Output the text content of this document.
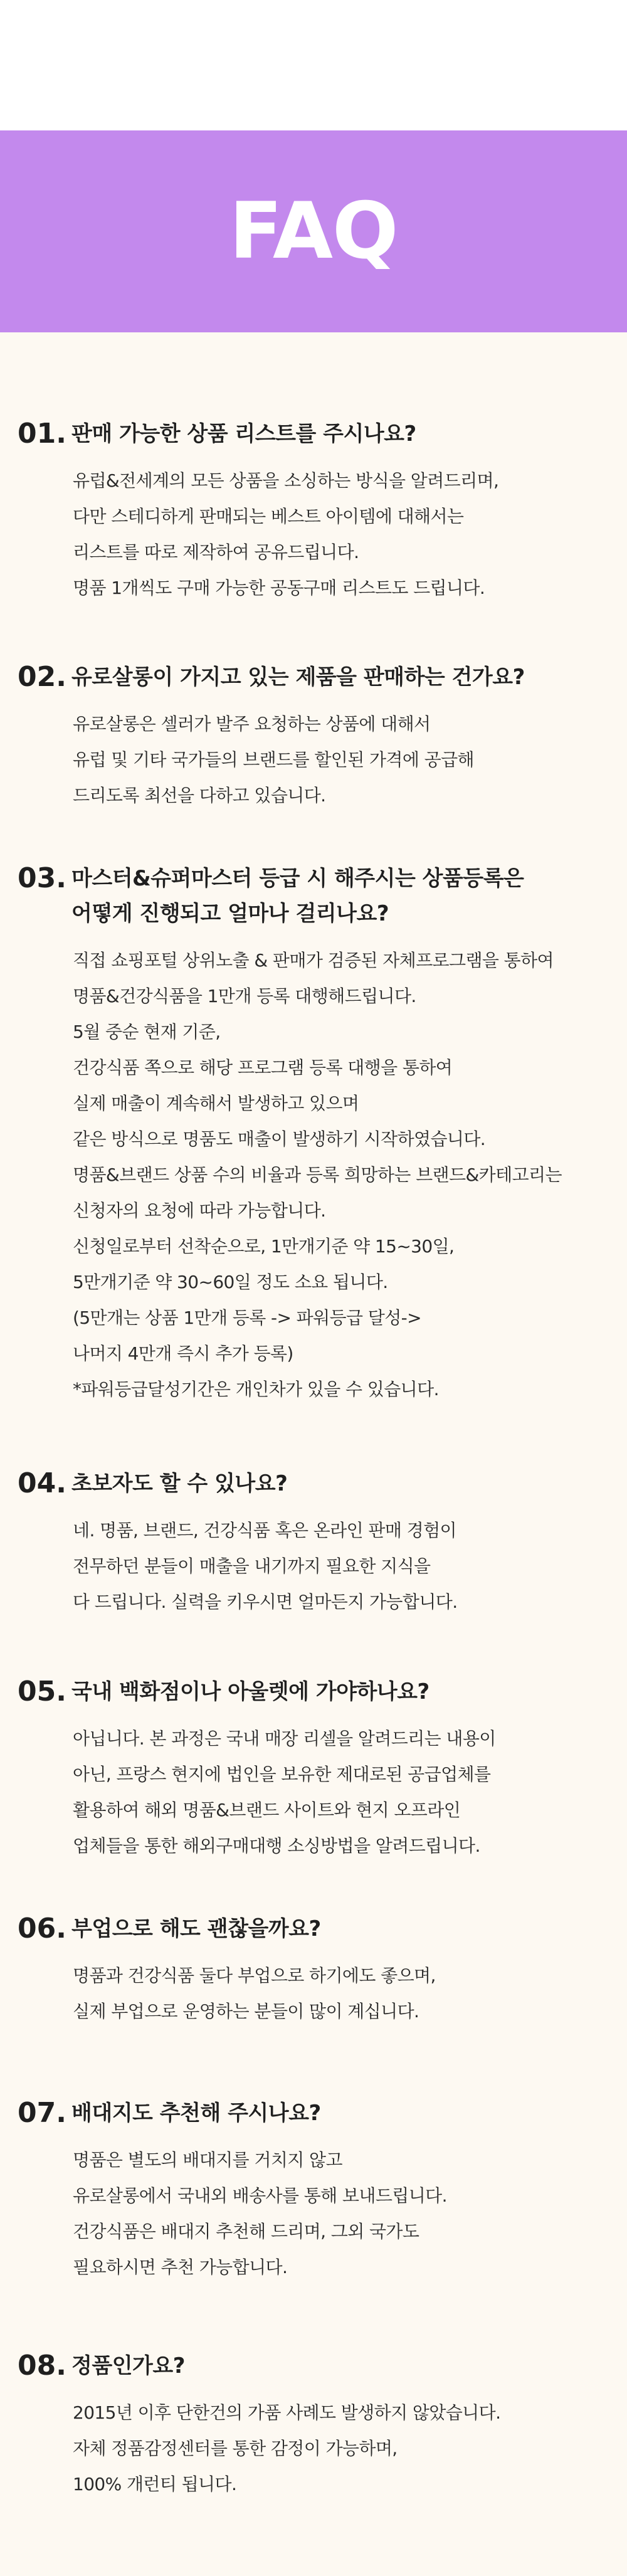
FAQ
01. 판매 가능한 상품 리스트를 주시나요?
유럽&전세계의 모든 상품을 소싱하는 방식을 알려드리며,
다만 스테디하게 판매되는 베스트 아이템에 대해서는
리스트를 따로 제작하여 공유드립니다.
명품 1개씩도 구매 가능한 공동구매 리스트도 드립니다.
02. 유로살롱이 가지고 있는 제품을 판매하는 건가요?
유로살롱은 셀러가 발주 요청하는 상품에 대해서
유럽 및 기타 국가들의 브랜드를 할인된 가격에 공급해
드리도록 최선을 다하고 있습니다.
03. 마스터&슈퍼마스터 등급 시 해주시는 상품등록은
어떻게 진행되고 얼마나 걸리나요?
직접 쇼핑포털 상위노출 & 판매가 검증된 자체프로그램을 통하여
명품&건강식품을 1만개 등록 대행해드립니다.
5월 중순 현재 기준,
건강식품 쪽으로 해당 프로그램 등록 대행을 통하여
실제 매출이 계속해서 발생하고 있으며
같은 방식으로 명품도 매출이 발생하기 시작하였습니다.
명품&브랜드 상품 수의 비율과 등록 희망하는 브랜드&카테고리는
신청자의 요청에 따라 가능합니다.
신청일로부터 선착순으로, 1만개기준 약 15~30일,
5만개기준 약 30~60일 정도 소요 됩니다.
(5만개는 상품 1만개 등록 -> 파워등급 달성->
나머지 4만개 즉시 추가 등록)
*파워등급달성기간은 개인차가 있을 수 있습니다.
04. 초보자도 할 수 있나요?
네. 명품, 브랜드, 건강식품 혹은 온라인 판매 경험이
전무하던 분들이 매출을 내기까지 필요한 지식을
다 드립니다. 실력을 키우시면 얼마든지 가능합니다.
05. 국내 백화점이나 아울렛에 가야하나요?
아닙니다. 본 과정은 국내 매장 리셀을 알려드리는 내용이
아닌, 프랑스 현지에 법인을 보유한 제대로된 공급업체를
활용하여 해외 명품&브랜드 사이트와 현지 오프라인
업체들을 통한 해외구매대행 소싱방법을 알려드립니다.
06. 부업으로 해도 괜찮을까요?
명품과 건강식품 둘다 부업으로 하기에도 좋으며,
실제 부업으로 운영하는 분들이 많이 계십니다.
07. 배대지도 추천해 주시나요?
명품은 별도의 배대지를 거치지 않고
유로살롱에서 국내외 배송사를 통해 보내드립니다.
건강식품은 배대지 추천해 드리며, 그외 국가도
필요하시면 추천 가능합니다.
08. 정품인가요?
2015년 이후 단한건의 가품 사례도 발생하지 않았습니다.
자체 정품감정센터를 통한 감정이 가능하며,
100% 개런티 됩니다.
